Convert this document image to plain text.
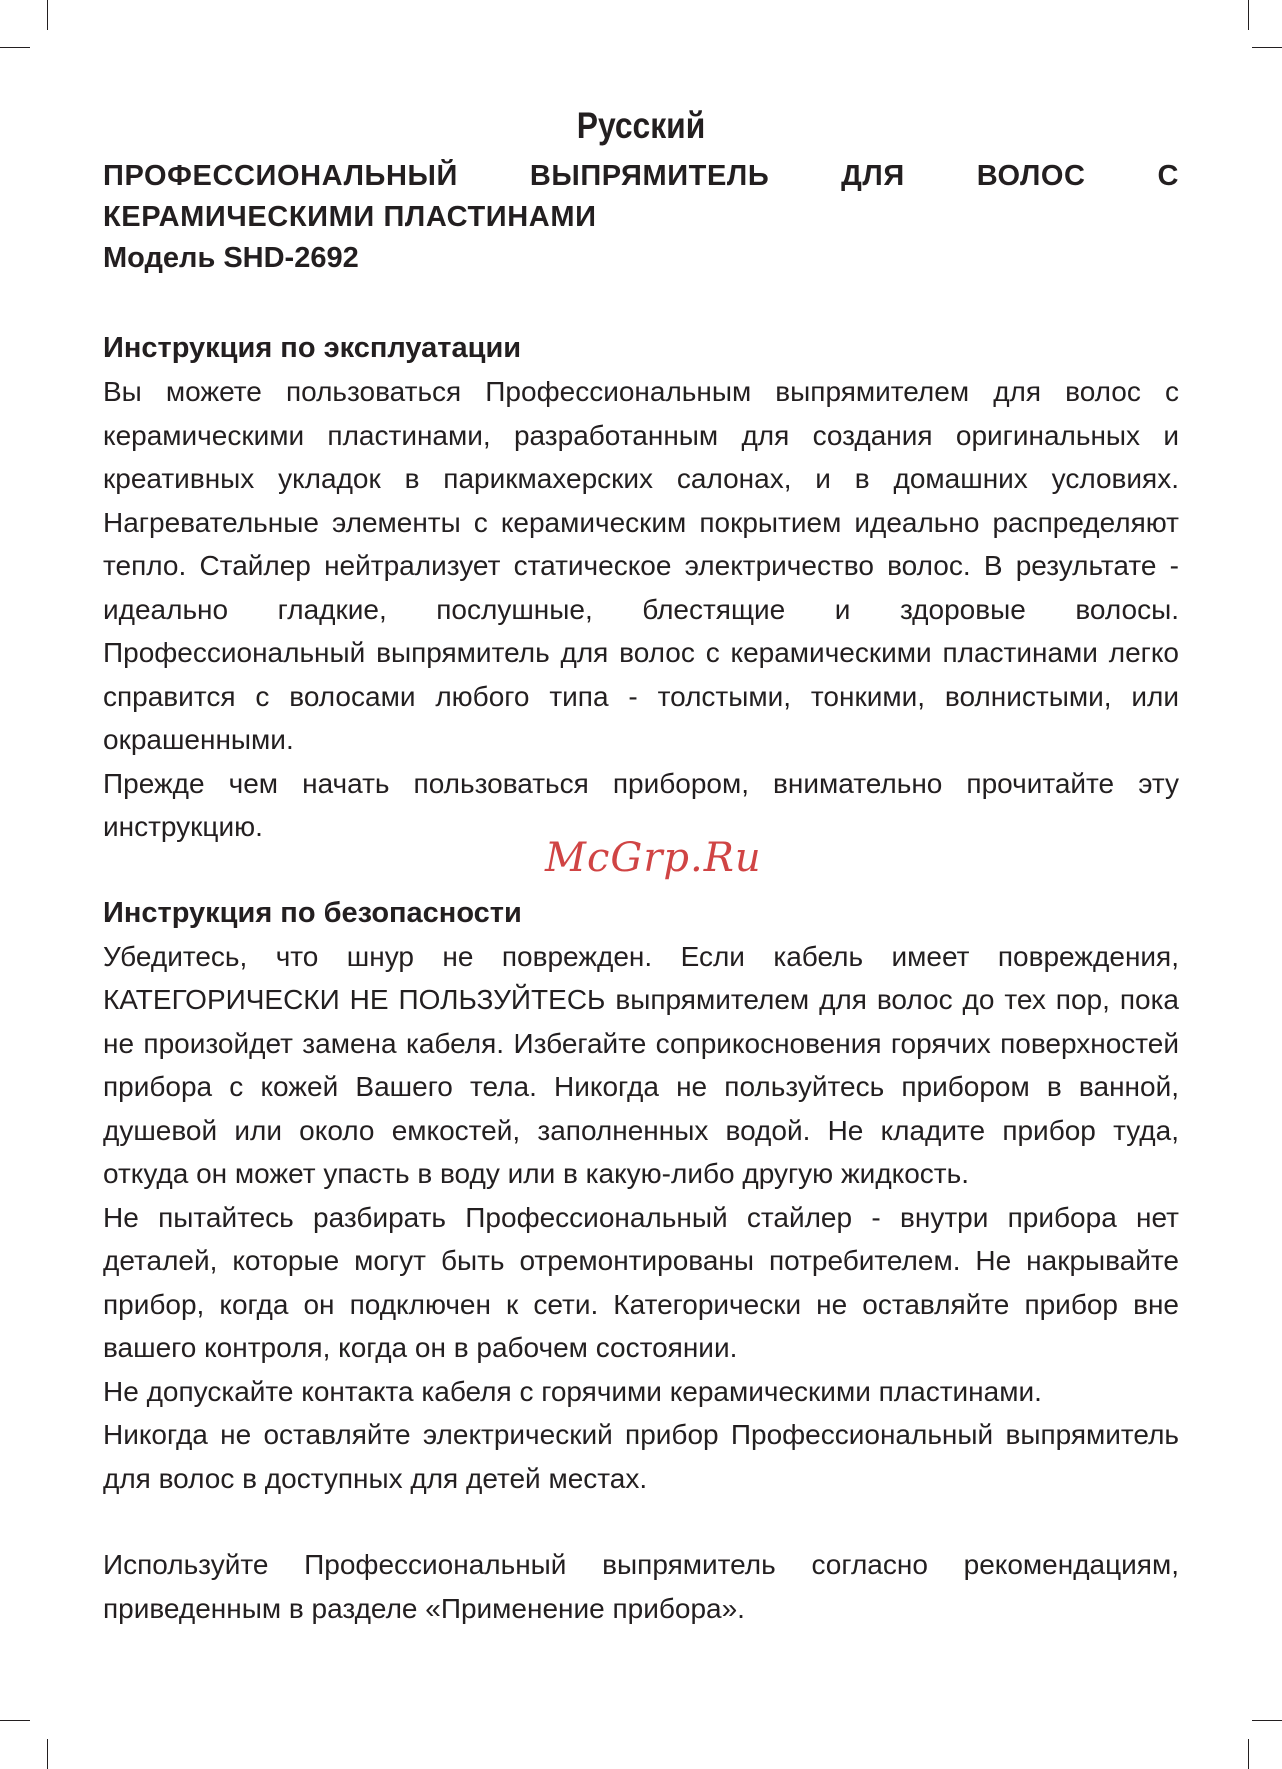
Русский
ПРОФЕССИОНАЛЬНЫЙ ВЫПРЯМИТЕЛЬ ДЛЯ ВОЛОС С КЕРАМИЧЕСКИМИ ПЛАСТИНАМИ
Модель SHD-2692
Инструкция по эксплуатации

Вы можете пользоваться Профессиональным выпрямителем для волос с керамическими пластинами, разработанным для создания оригинальных и креативных укладок в парикмахерских салонах, и в домашних условиях. Нагревательные элементы с керамическим покрытием идеально распределяют тепло. Стайлер нейтрализует статическое электричество волос. В результате - идеально гладкие, послушные, блестящие и здоровые волосы. Профессиональный выпрямитель для волос с керамическими пластинами легко справится с волосами любого типа - толстыми, тонкими, волнистыми, или окрашенными.

Прежде чем начать пользоваться прибором, внимательно прочитайте эту инструкцию.

Инструкция по безопасности

Убедитесь, что шнур не поврежден. Если кабель имеет повреждения, КАТЕГОРИЧЕСКИ НЕ ПОЛЬЗУЙТЕСЬ выпрямителем для волос до тех пор, пока не произойдет замена кабеля. Избегайте соприкосновения горячих поверхностей прибора с кожей Вашего тела. Никогда не пользуйтесь прибором в ванной, душевой или около емкостей, заполненных водой. Не кладите прибор туда, откуда он может упасть в воду или в какую-либо другую жидкость.

Не пытайтесь разбирать Профессиональный стайлер - внутри прибора нет деталей, которые могут быть отремонтированы потребителем. Не накрывайте прибор, когда он подключен к сети. Категорически не оставляйте прибор вне вашего контроля, когда он в рабочем состоянии.

Не допускайте контакта кабеля с горячими керамическими пластинами.

Никогда не оставляйте электрический прибор Профессиональный выпрямитель для волос в доступных для детей местах.

Используйте Профессиональный выпрямитель согласно рекомендациям, приведенным в разделе «Применение прибора».

McGrp.Ru
